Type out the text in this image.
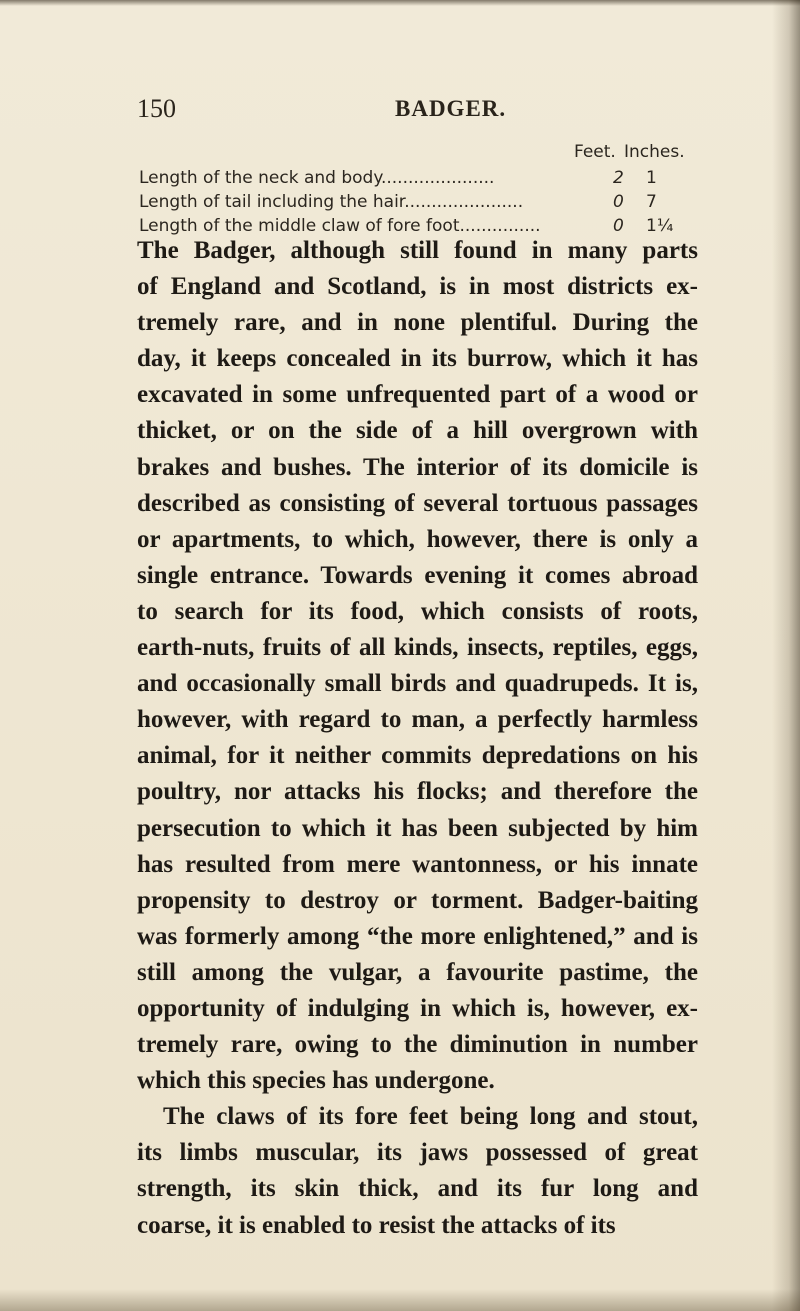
150	BADGER.
Feet. Inches.
Length of the neck and body.....................	2 1
Length of tail including the hair......................	0 7
Length of the middle claw of fore foot...............	0 1¼

The Badger, although still found in many parts
of England and Scotland, is in most districts ex-
tremely rare, and in none plentiful. During the
day, it keeps concealed in its burrow, which it has
excavated in some unfrequented part of a wood or
thicket, or on the side of a hill overgrown with
brakes and bushes. The interior of its domicile is
described as consisting of several tortuous passages
or apartments, to which, however, there is only a
single entrance. Towards evening it comes abroad
to search for its food, which consists of roots,
earth-nuts, fruits of all kinds, insects, reptiles, eggs,
and occasionally small birds and quadrupeds. It is,
however, with regard to man, a perfectly harmless
animal, for it neither commits depredations on his
poultry, nor attacks his flocks; and therefore the
persecution to which it has been subjected by him
has resulted from mere wantonness, or his innate
propensity to destroy or torment. Badger-baiting
was formerly among “the more enlightened,” and is
still among the vulgar, a favourite pastime, the
opportunity of indulging in which is, however, ex-
tremely rare, owing to the diminution in number
which this species has undergone.

The claws of its fore feet being long and stout,
its limbs muscular, its jaws possessed of great
strength, its skin thick, and its fur long and
coarse, it is enabled to resist the attacks of its
